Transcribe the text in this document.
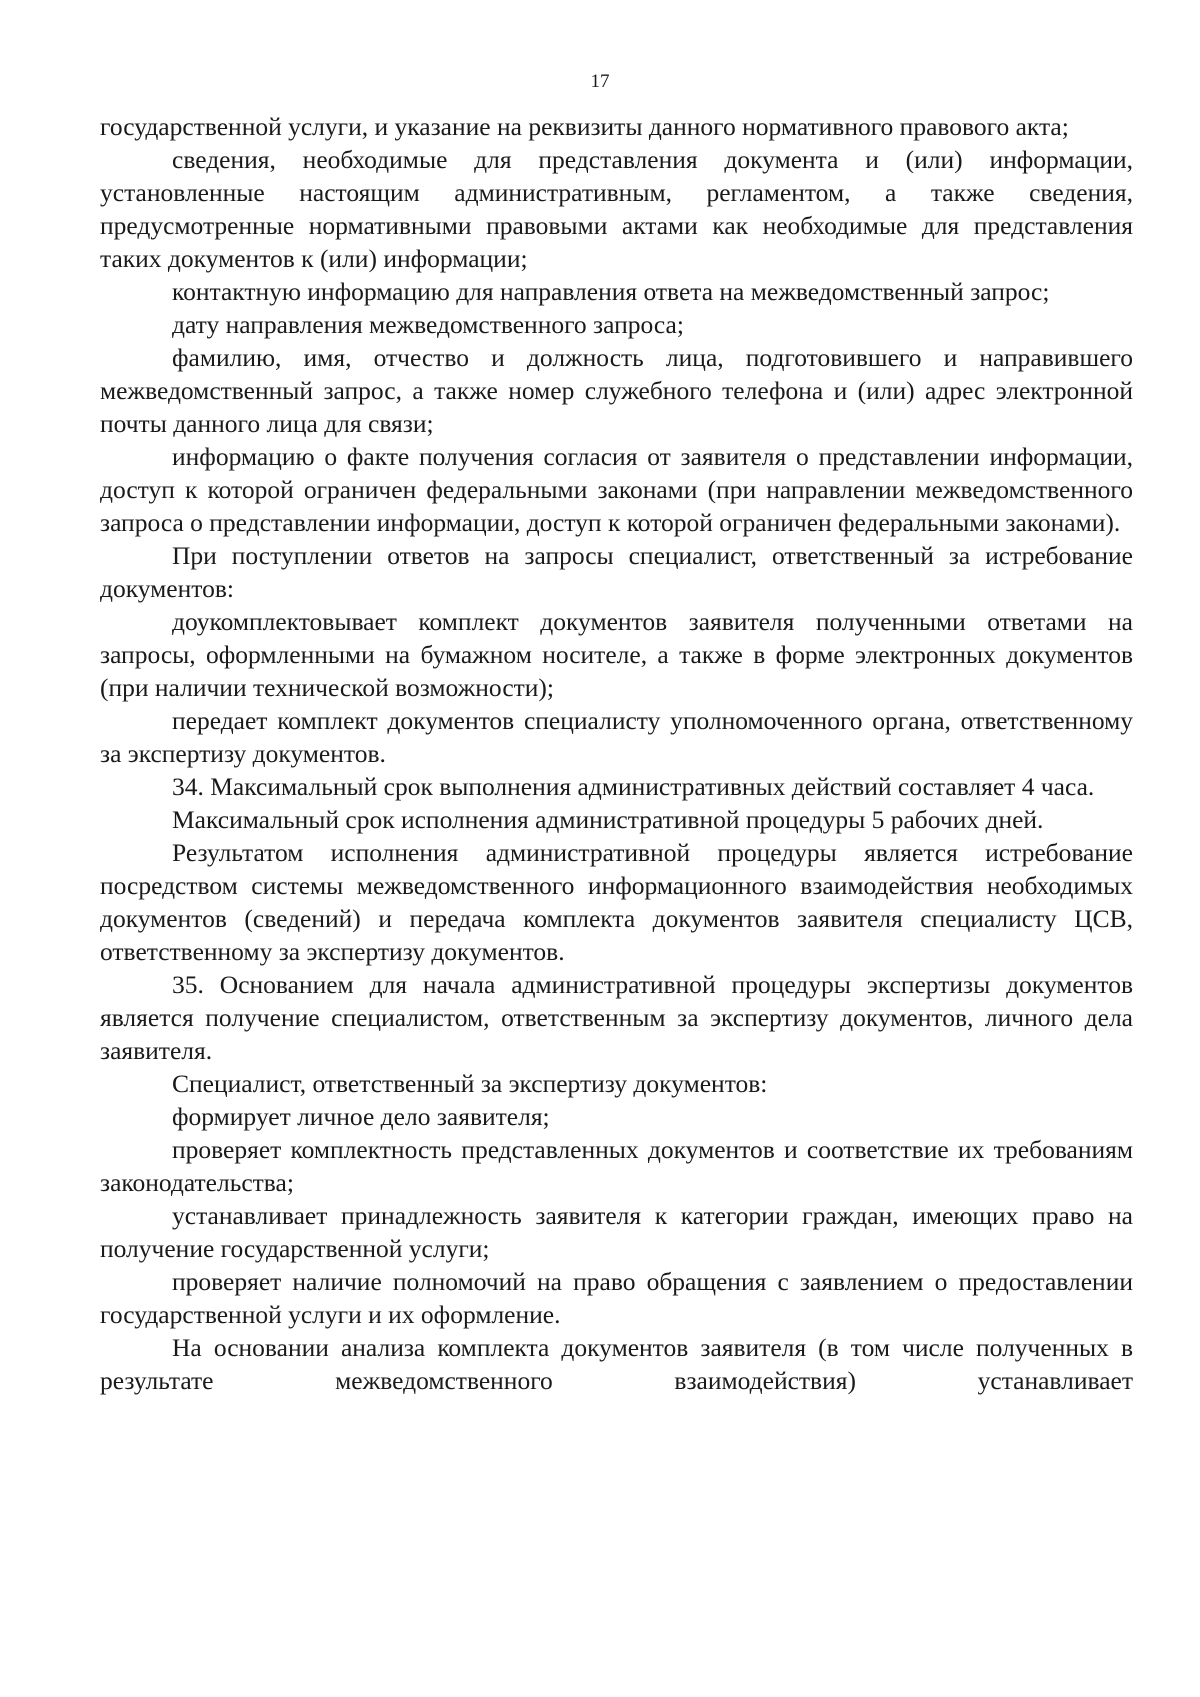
17

государственной услуги, и указание на реквизиты данного нормативного правового акта;

сведения, необходимые для представления документа и (или) информации, установленные настоящим административным, регламентом, а также сведения, предусмотренные нормативными правовыми актами как необходимые для представления таких документов к (или) информации;

контактную информацию для направления ответа на межведомственный запрос;

дату направления межведомственного запроса;

фамилию, имя, отчество и должность лица, подготовившего и направившего межведомственный запрос, а также номер служебного телефона и (или) адрес электронной почты данного лица для связи;

информацию о факте получения согласия от заявителя о представлении информации, доступ к которой ограничен федеральными законами (при направлении межведомственного запроса о представлении информации, доступ к которой ограничен федеральными законами).

При поступлении ответов на запросы специалист, ответственный за истребование документов:

доукомплектовывает комплект документов заявителя полученными ответами на запросы, оформленными на бумажном носителе, а также в форме электронных документов (при наличии технической возможности);

передает комплект документов специалисту уполномоченного органа, ответственному за экспертизу документов.

34. Максимальный срок выполнения административных действий составляет 4 часа.

Максимальный срок исполнения административной процедуры 5 рабочих дней.

Результатом исполнения административной процедуры является истребование посредством системы межведомственного информационного взаимодействия необходимых документов (сведений) и передача комплекта документов заявителя специалисту ЦСВ, ответственному за экспертизу документов.

35. Основанием для начала административной процедуры экспертизы документов является получение специалистом, ответственным за экспертизу документов, личного дела заявителя.

Специалист, ответственный за экспертизу документов:

формирует личное дело заявителя;

проверяет комплектность представленных документов и соответствие их требованиям законодательства;

устанавливает принадлежность заявителя к категории граждан, имеющих право на получение государственной услуги;

проверяет наличие полномочий на право обращения с заявлением о предоставлении государственной услуги и их оформление.

На основании анализа комплекта документов заявителя (в том числе полученных в результате межведомственного взаимодействия) устанавливает
